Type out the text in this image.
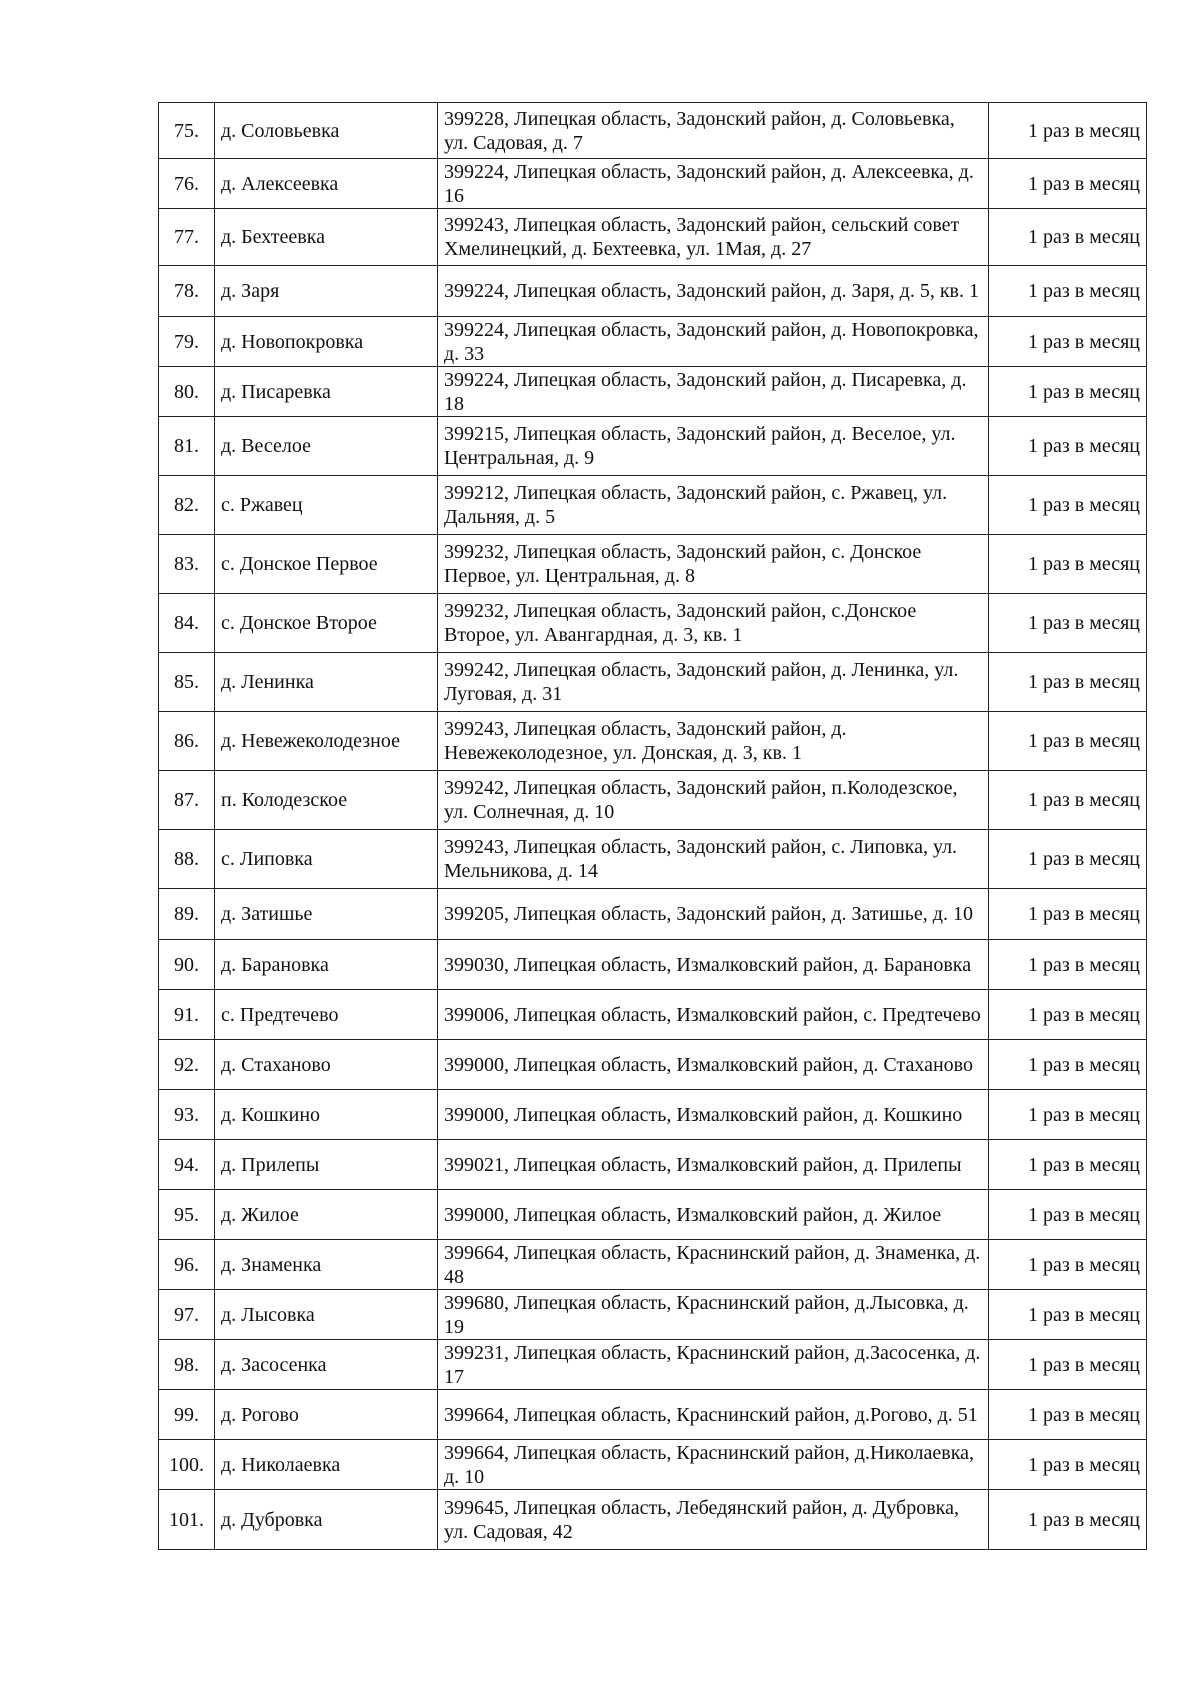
75.	д. Соловьевка	399228, Липецкая область, Задонский район, д. Соловьевка, ул. Садовая, д. 7	1 раз в месяц
76.	д. Алексеевка	399224, Липецкая область, Задонский район, д. Алексеевка, д. 16	1 раз в месяц
77.	д. Бехтеевка	399243, Липецкая область, Задонский район, сельский совет Хмелинецкий, д. Бехтеевка, ул. 1Мая, д. 27	1 раз в месяц
78.	д. Заря	399224, Липецкая область, Задонский район, д. Заря, д. 5, кв. 1	1 раз в месяц
79.	д. Новопокровка	399224, Липецкая область, Задонский район, д. Новопокровка, д. 33	1 раз в месяц
80.	д. Писаревка	399224, Липецкая область, Задонский район, д. Писаревка, д. 18	1 раз в месяц
81.	д. Веселое	399215, Липецкая область, Задонский район, д. Веселое, ул. Центральная, д. 9	1 раз в месяц
82.	с. Ржавец	399212, Липецкая область, Задонский район, с. Ржавец, ул. Дальняя, д. 5	1 раз в месяц
83.	с. Донское Первое	399232, Липецкая область, Задонский район, с. Донское Первое, ул. Центральная, д. 8	1 раз в месяц
84.	с. Донское Второе	399232, Липецкая область, Задонский район, с.Донское Второе, ул. Авангардная, д. 3, кв. 1	1 раз в месяц
85.	д. Ленинка	399242, Липецкая область, Задонский район, д. Ленинка, ул. Луговая, д. 31	1 раз в месяц
86.	д. Невежеколодезное	399243, Липецкая область, Задонский район, д. Невежеколодезное, ул. Донская, д. 3, кв. 1	1 раз в месяц
87.	п. Колодезское	399242, Липецкая область, Задонский район, п.Колодезское, ул. Солнечная, д. 10	1 раз в месяц
88.	с. Липовка	399243, Липецкая область, Задонский район, с. Липовка, ул. Мельникова, д. 14	1 раз в месяц
89.	д. Затишье	399205, Липецкая область, Задонский район, д. Затишье, д. 10	1 раз в месяц
90.	д. Барановка	399030, Липецкая область, Измалковский район, д. Барановка	1 раз в месяц
91.	с. Предтечево	399006, Липецкая область, Измалковский район, с. Предтечево	1 раз в месяц
92.	д. Стаханово	399000, Липецкая область, Измалковский район, д. Стаханово	1 раз в месяц
93.	д. Кошкино	399000, Липецкая область, Измалковский район, д. Кошкино	1 раз в месяц
94.	д. Прилепы	399021, Липецкая область, Измалковский район, д. Прилепы	1 раз в месяц
95.	д. Жилое	399000, Липецкая область, Измалковский район, д. Жилое	1 раз в месяц
96.	д. Знаменка	399664, Липецкая область, Краснинский район, д. Знаменка, д. 48	1 раз в месяц
97.	д. Лысовка	399680, Липецкая область, Краснинский район, д.Лысовка, д. 19	1 раз в месяц
98.	д. Засосенка	399231, Липецкая область, Краснинский район, д.Засосенка, д. 17	1 раз в месяц
99.	д. Рогово	399664, Липецкая область, Краснинский район, д.Рогово, д. 51	1 раз в месяц
100.	д. Николаевка	399664, Липецкая область, Краснинский район, д.Николаевка, д. 10	1 раз в месяц
101.	д. Дубровка	399645, Липецкая область, Лебедянский район, д. Дубровка, ул. Садовая, 42	1 раз в месяц
